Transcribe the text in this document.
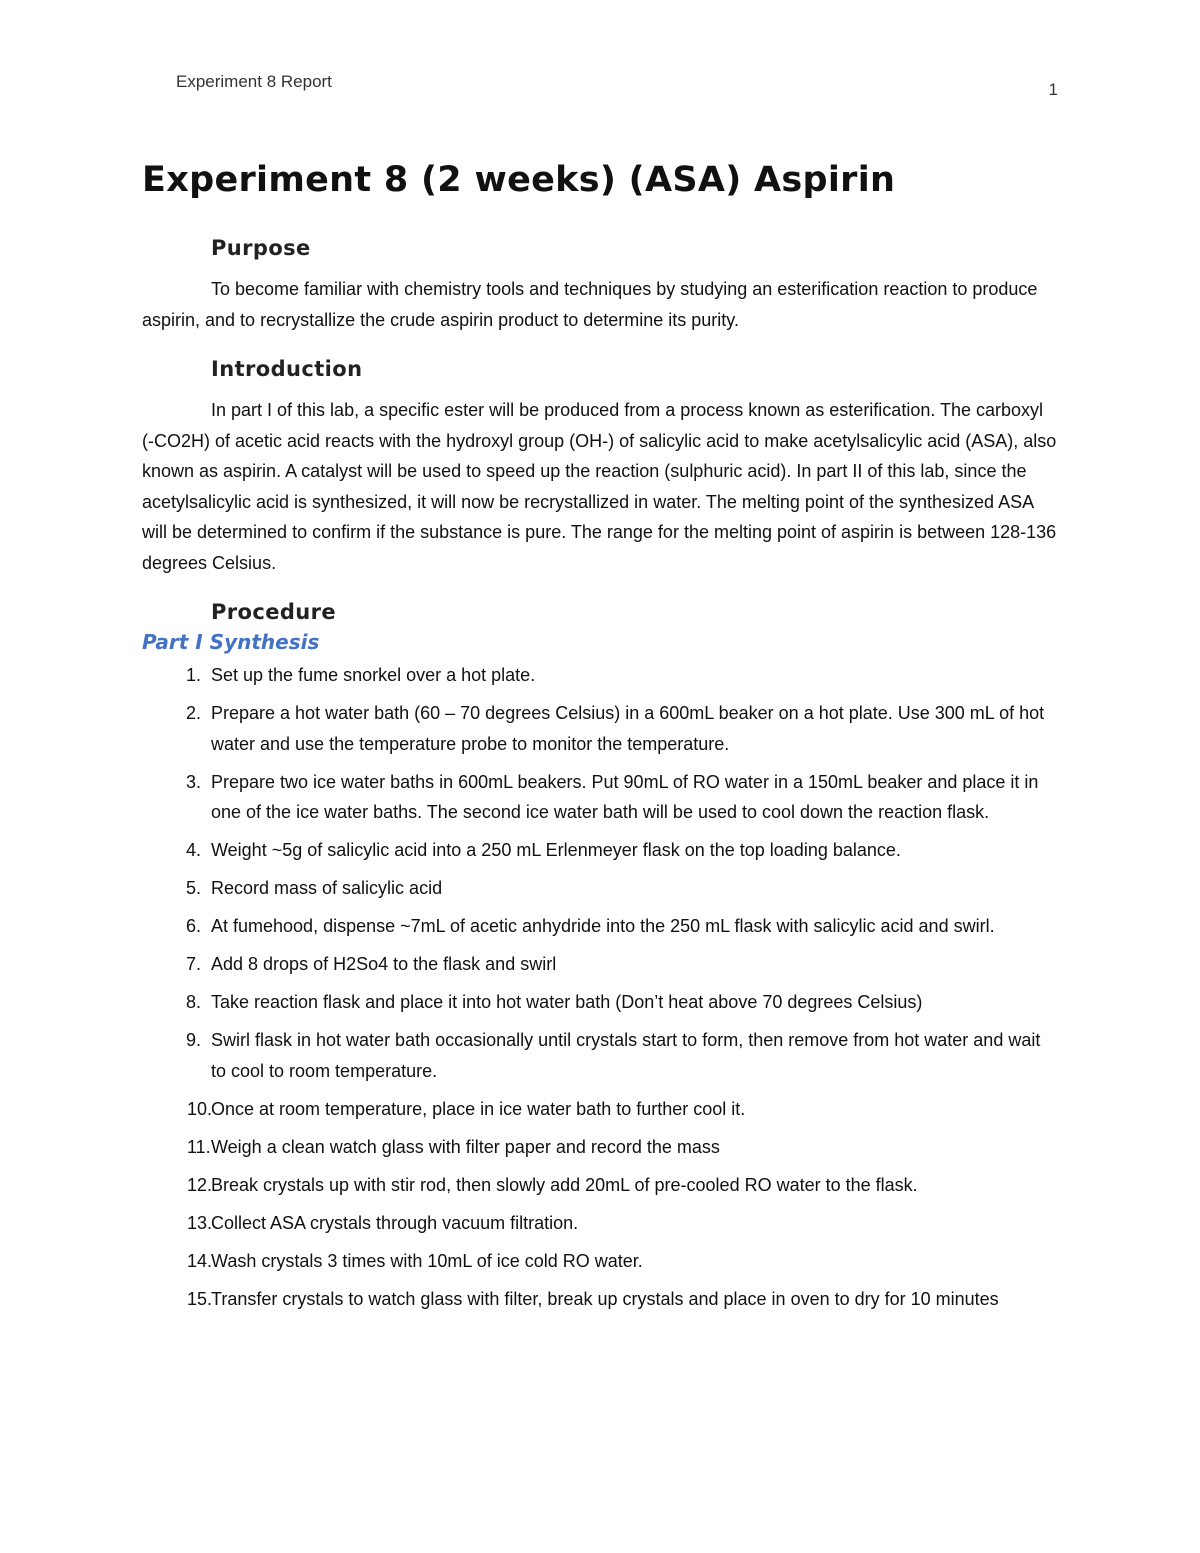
Experiment 8 Report	1
Experiment 8 (2 weeks) (ASA) Aspirin
Purpose

To become familiar with chemistry tools and techniques by studying an esterification reaction to produce aspirin, and to recrystallize the crude aspirin product to determine its purity.

Introduction

In part I of this lab, a specific ester will be produced from a process known as esterification. The carboxyl (-CO2H) of acetic acid reacts with the hydroxyl group (OH-) of salicylic acid to make acetylsalicylic acid (ASA), also known as aspirin. A catalyst will be used to speed up the reaction (sulphuric acid). In part II of this lab, since the acetylsalicylic acid is synthesized, it will now be recrystallized in water. The melting point of the synthesized ASA will be determined to confirm if the substance is pure. The range for the melting point of aspirin is between 128-136 degrees Celsius.

Procedure
Part I Synthesis
1. Set up the fume snorkel over a hot plate.
2. Prepare a hot water bath (60 – 70 degrees Celsius) in a 600mL beaker on a hot plate. Use 300 mL of hot water and use the temperature probe to monitor the temperature.
3. Prepare two ice water baths in 600mL beakers. Put 90mL of RO water in a 150mL beaker and place it in one of the ice water baths. The second ice water bath will be used to cool down the reaction flask.
4. Weight ~5g of salicylic acid into a 250 mL Erlenmeyer flask on the top loading balance.
5. Record mass of salicylic acid
6. At fumehood, dispense ~7mL of acetic anhydride into the 250 mL flask with salicylic acid and swirl.
7. Add 8 drops of H2So4 to the flask and swirl
8. Take reaction flask and place it into hot water bath (Don’t heat above 70 degrees Celsius)
9. Swirl flask in hot water bath occasionally until crystals start to form, then remove from hot water and wait to cool to room temperature.
10.
Once at room temperature, place in ice water bath to further cool it.
11. Weigh a clean watch glass with filter paper and record the mass
12.
Break crystals up with stir rod, then slowly add 20mL of pre-cooled RO water to the flask.
13.
Collect ASA crystals through vacuum filtration.
14.
Wash crystals 3 times with 10mL of ice cold RO water.
15.
Transfer crystals to watch glass with filter, break up crystals and place in oven to dry for 10 minutes
